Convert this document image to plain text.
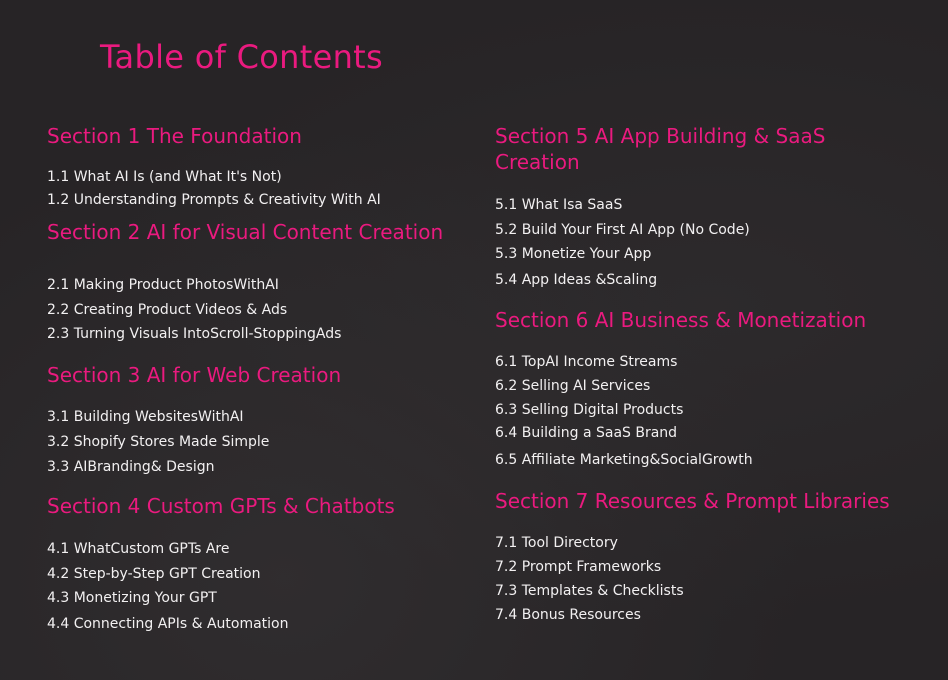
Table of Contents
Section 1 The Foundation
1.1 What AI Is (and What It's Not)
1.2 Understanding Prompts & Creativity With AI
Section 2 AI for Visual Content Creation
2.1 Making Product PhotosWithAI
2.2 Creating Product Videos & Ads
2.3 Turning Visuals IntoScroll-StoppingAds
Section 3 AI for Web Creation
3.1 Building WebsitesWithAI
3.2 Shopify Stores Made Simple
3.3 AIBranding& Design
Section 4 Custom GPTs & Chatbots
4.1 WhatCustom GPTs Are
4.2 Step-by-Step GPT Creation
4.3 Monetizing Your GPT
4.4 Connecting APIs & Automation
Section 5 AI App Building & SaaS
Creation
5.1 What Isa SaaS
5.2 Build Your First AI App (No Code)
5.3 Monetize Your App
5.4 App Ideas &Scaling
Section 6 AI Business & Monetization
6.1 TopAI Income Streams
6.2 Selling AI Services
6.3 Selling Digital Products
6.4 Building a SaaS Brand
6.5 Affiliate Marketing&SocialGrowth
Section 7 Resources & Prompt Libraries
7.1 Tool Directory
7.2 Prompt Frameworks
7.3 Templates & Checklists
7.4 Bonus Resources
